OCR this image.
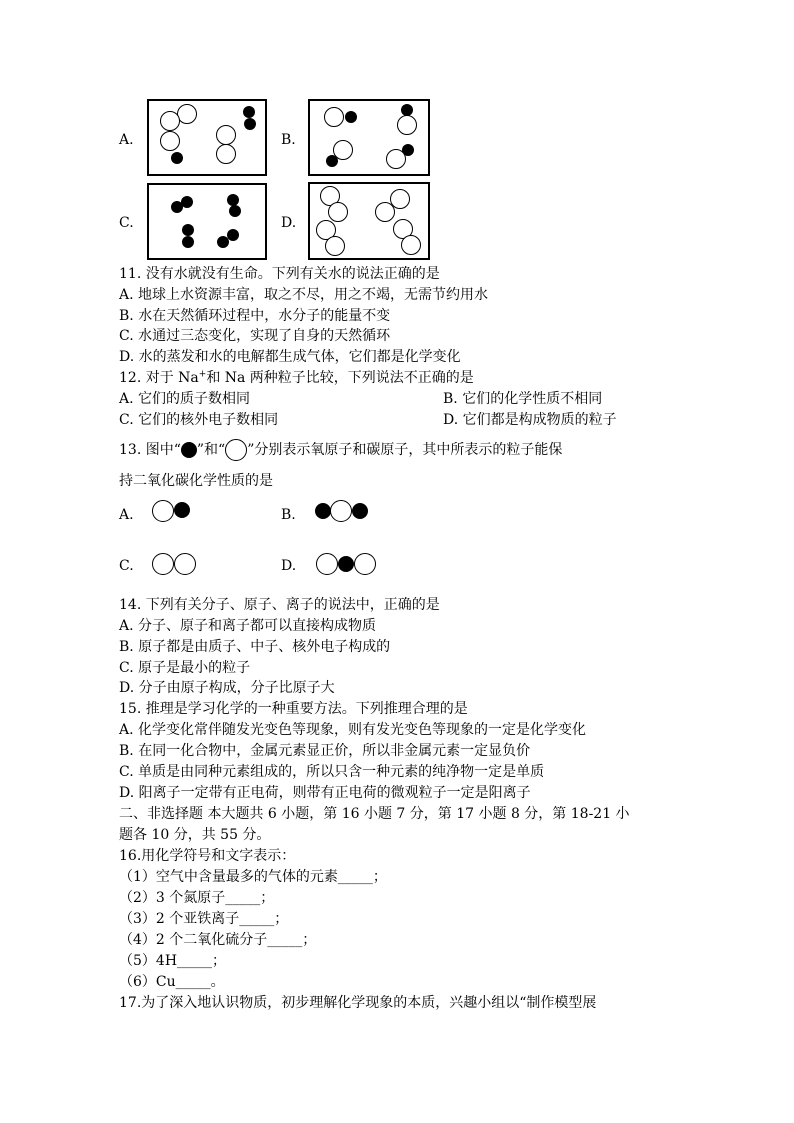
A.	B.
C.	D.
11. 没有水就没有生命。下列有关水的说法正确的是
A. 地球上水资源丰富，取之不尽，用之不竭，无需节约用水
B. 水在天然循环过程中，水分子的能量不变
C. 水通过三态变化，实现了自身的天然循环
D. 水的蒸发和水的电解都生成气体，它们都是化学变化
12. 对于 Na+和 Na 两种粒子比较，下列说法不正确的是
A. 它们的质子数相同	B. 它们的化学性质不相同
C. 它们的核外电子数相同	D. 它们都是构成物质的粒子
13. 图中“ ”和“ ”分别表示氧原子和碳原子，其中所表示的粒子能保
持二氧化碳化学性质的是
A.	B.
C.	D.
14. 下列有关分子、原子、离子的说法中，正确的是
A. 分子、原子和离子都可以直接构成物质
B. 原子都是由质子、中子、核外电子构成的
C. 原子是最小的粒子
D. 分子由原子构成，分子比原子大
15. 推理是学习化学的一种重要方法。下列推理合理的是
A. 化学变化常伴随发光变色等现象，则有发光变色等现象的一定是化学变化
B. 在同一化合物中，金属元素显正价，所以非金属元素一定显负价
C. 单质是由同种元素组成的，所以只含一种元素的纯净物一定是单质
D. 阳离子一定带有正电荷，则带有正电荷的微观粒子一定是阳离子
二、非选择题 本大题共 6 小题，第 16 小题 7 分，第 17 小题 8 分，第 18-21 小
题各 10 分，共 55 分。
16.用化学符号和文字表示：
（1）空气中含量最多的气体的元素_____；
（2）3 个氮原子_____；
（3）2 个亚铁离子_____；
（4）2 个二氧化硫分子_____；
（5）4H_____；
（6）Cu_____。
17.为了深入地认识物质，初步理解化学现象的本质，兴趣小组以“制作模型展
